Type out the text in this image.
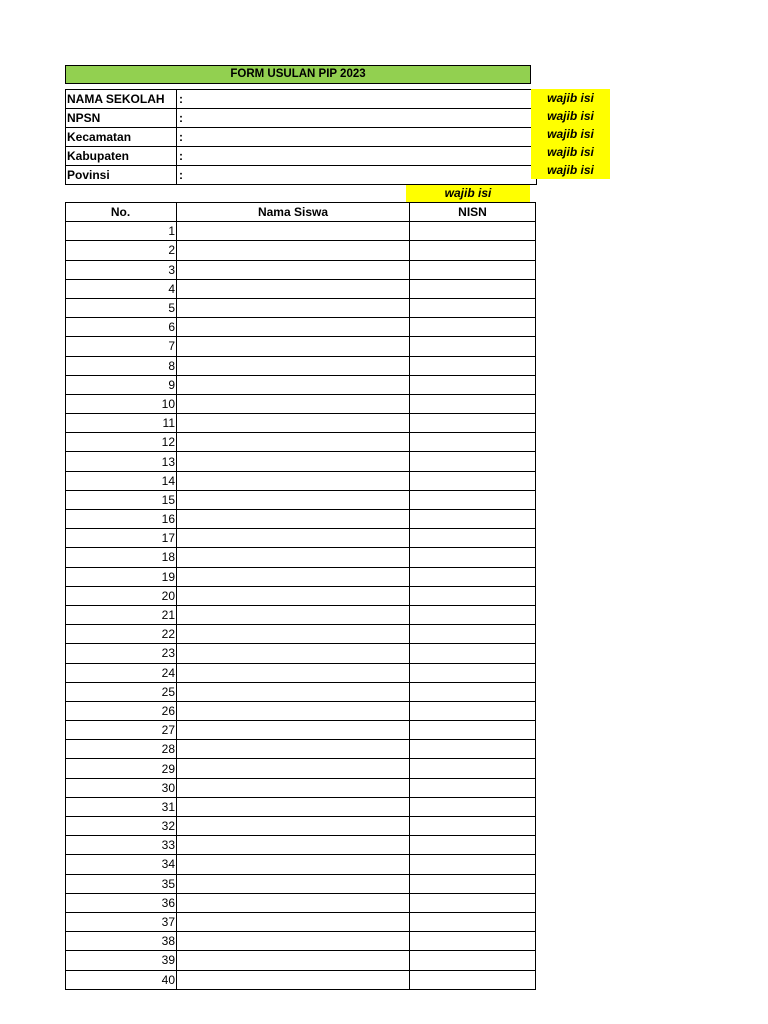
FORM USULAN PIP 2023
NAMA SEKOLAH	:
NPSN	:
Kecamatan	:
Kabupaten	:
Povinsi	:
wajib isi
wajib isi
wajib isi
wajib isi
wajib isi
wajib isi
No.	Nama Siswa	NISN
1		
2		
3		
4		
5		
6		
7		
8		
9		
10		
11		
12		
13		
14		
15		
16		
17		
18		
19		
20		
21		
22		
23		
24		
25		
26		
27		
28		
29		
30		
31		
32		
33		
34		
35		
36		
37		
38		
39		
40		
